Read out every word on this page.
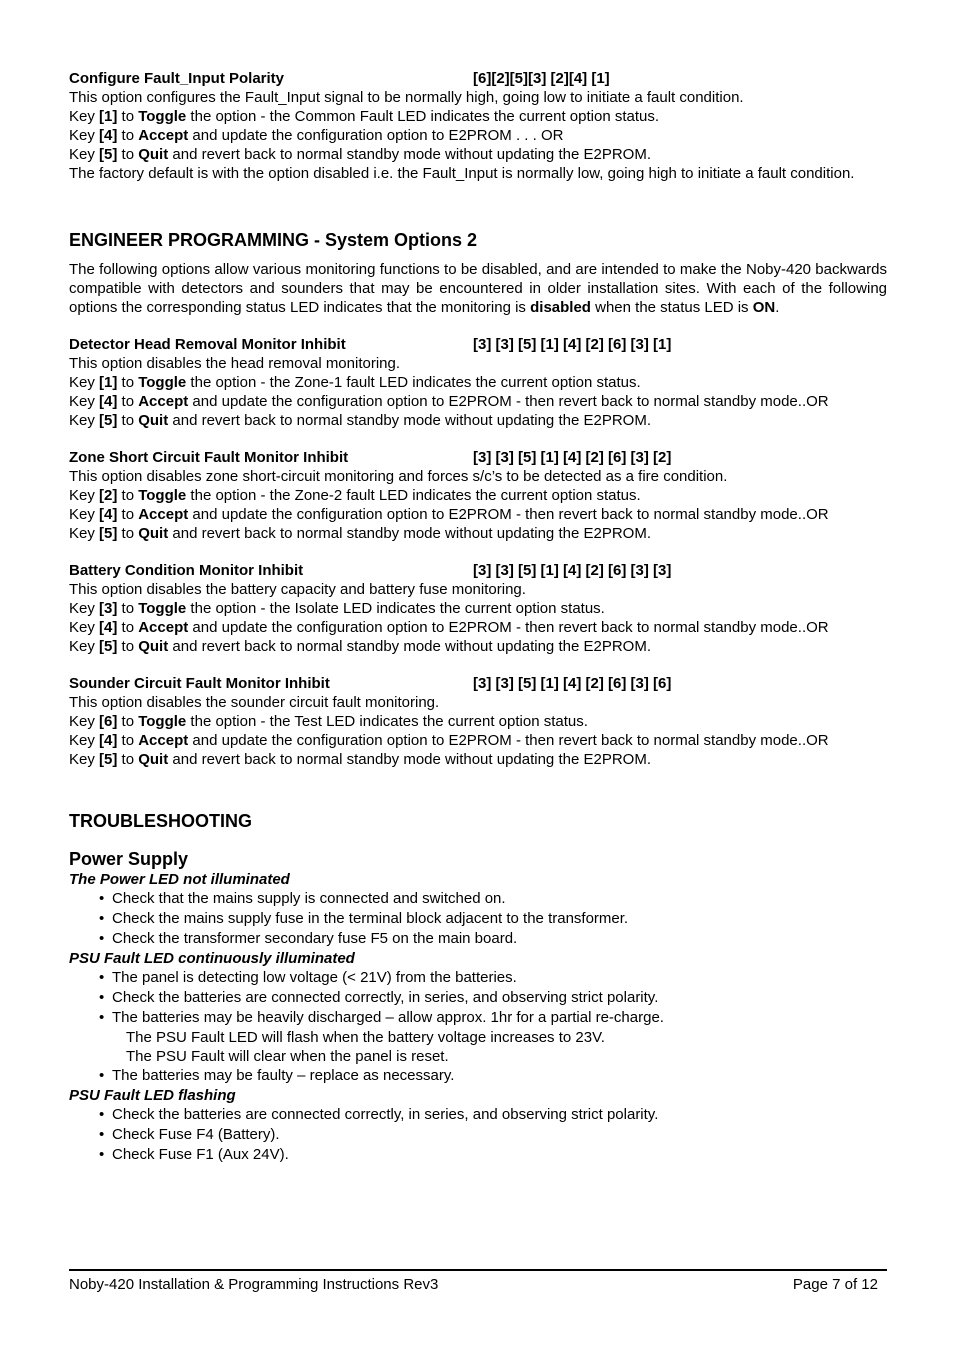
Configure Fault_Input Polarity	[6][2][5][3] [2][4] [1]
This option configures the Fault_Input signal to be normally high, going low to initiate a fault condition.
Key [1] to Toggle the option - the Common Fault LED indicates the current option status.
Key [4] to Accept and update the configuration option to E2PROM . . . OR
Key [5] to Quit and revert back to normal standby mode without updating the E2PROM.
The factory default is with the option disabled i.e. the Fault_Input is normally low, going high to initiate a fault condition.
ENGINEER PROGRAMMING - System Options 2
The following options allow various monitoring functions to be disabled, and are intended to make the Noby-420 backwards compatible with detectors and sounders that may be encountered in older installation sites. With each of the following options the corresponding status LED indicates that the monitoring is disabled when the status LED is ON.
Detector Head Removal Monitor Inhibit	[3] [3] [5] [1] [4] [2] [6] [3] [1]
This option disables the head removal monitoring.
Key [1] to Toggle the option - the Zone-1 fault LED indicates the current option status.
Key [4] to Accept and update the configuration option to E2PROM - then revert back to normal standby mode..OR
Key [5] to Quit and revert back to normal standby mode without updating the E2PROM.
Zone Short Circuit Fault Monitor Inhibit	[3] [3] [5] [1] [4] [2] [6] [3] [2]
This option disables zone short-circuit monitoring and forces s/c’s to be detected as a fire condition.
Key [2] to Toggle the option - the Zone-2 fault LED indicates the current option status.
Key [4] to Accept and update the configuration option to E2PROM - then revert back to normal standby mode..OR
Key [5] to Quit and revert back to normal standby mode without updating the E2PROM.
Battery Condition Monitor Inhibit	[3] [3] [5] [1] [4] [2] [6] [3] [3]
This option disables the battery capacity and battery fuse monitoring.
Key [3] to Toggle the option - the Isolate LED indicates the current option status.
Key [4] to Accept and update the configuration option to E2PROM - then revert back to normal standby mode..OR
Key [5] to Quit and revert back to normal standby mode without updating the E2PROM.
Sounder Circuit Fault Monitor Inhibit	[3] [3] [5] [1] [4] [2] [6] [3] [6]
This option disables the sounder circuit fault monitoring.
Key [6] to Toggle the option - the Test LED indicates the current option status.
Key [4] to Accept and update the configuration option to E2PROM - then revert back to normal standby mode..OR
Key [5] to Quit and revert back to normal standby mode without updating the E2PROM.
TROUBLESHOOTING
Power Supply
The Power LED not illuminated
• Check that the mains supply is connected and switched on.
• Check the mains supply fuse in the terminal block adjacent to the transformer.
• Check the transformer secondary fuse F5 on the main board.
PSU Fault LED continuously illuminated
• The panel is detecting low voltage (< 21V) from the batteries.
• Check the batteries are connected correctly, in series, and observing strict polarity.
• The batteries may be heavily discharged – allow approx. 1hr for a partial re-charge.
The PSU Fault LED will flash when the battery voltage increases to 23V.
The PSU Fault will clear when the panel is reset.
• The batteries may be faulty – replace as necessary.
PSU Fault LED flashing
• Check the batteries are connected correctly, in series, and observing strict polarity.
• Check Fuse F4 (Battery).
• Check Fuse F1 (Aux 24V).
Noby-420 Installation & Programming Instructions Rev3	Page 7 of 12
